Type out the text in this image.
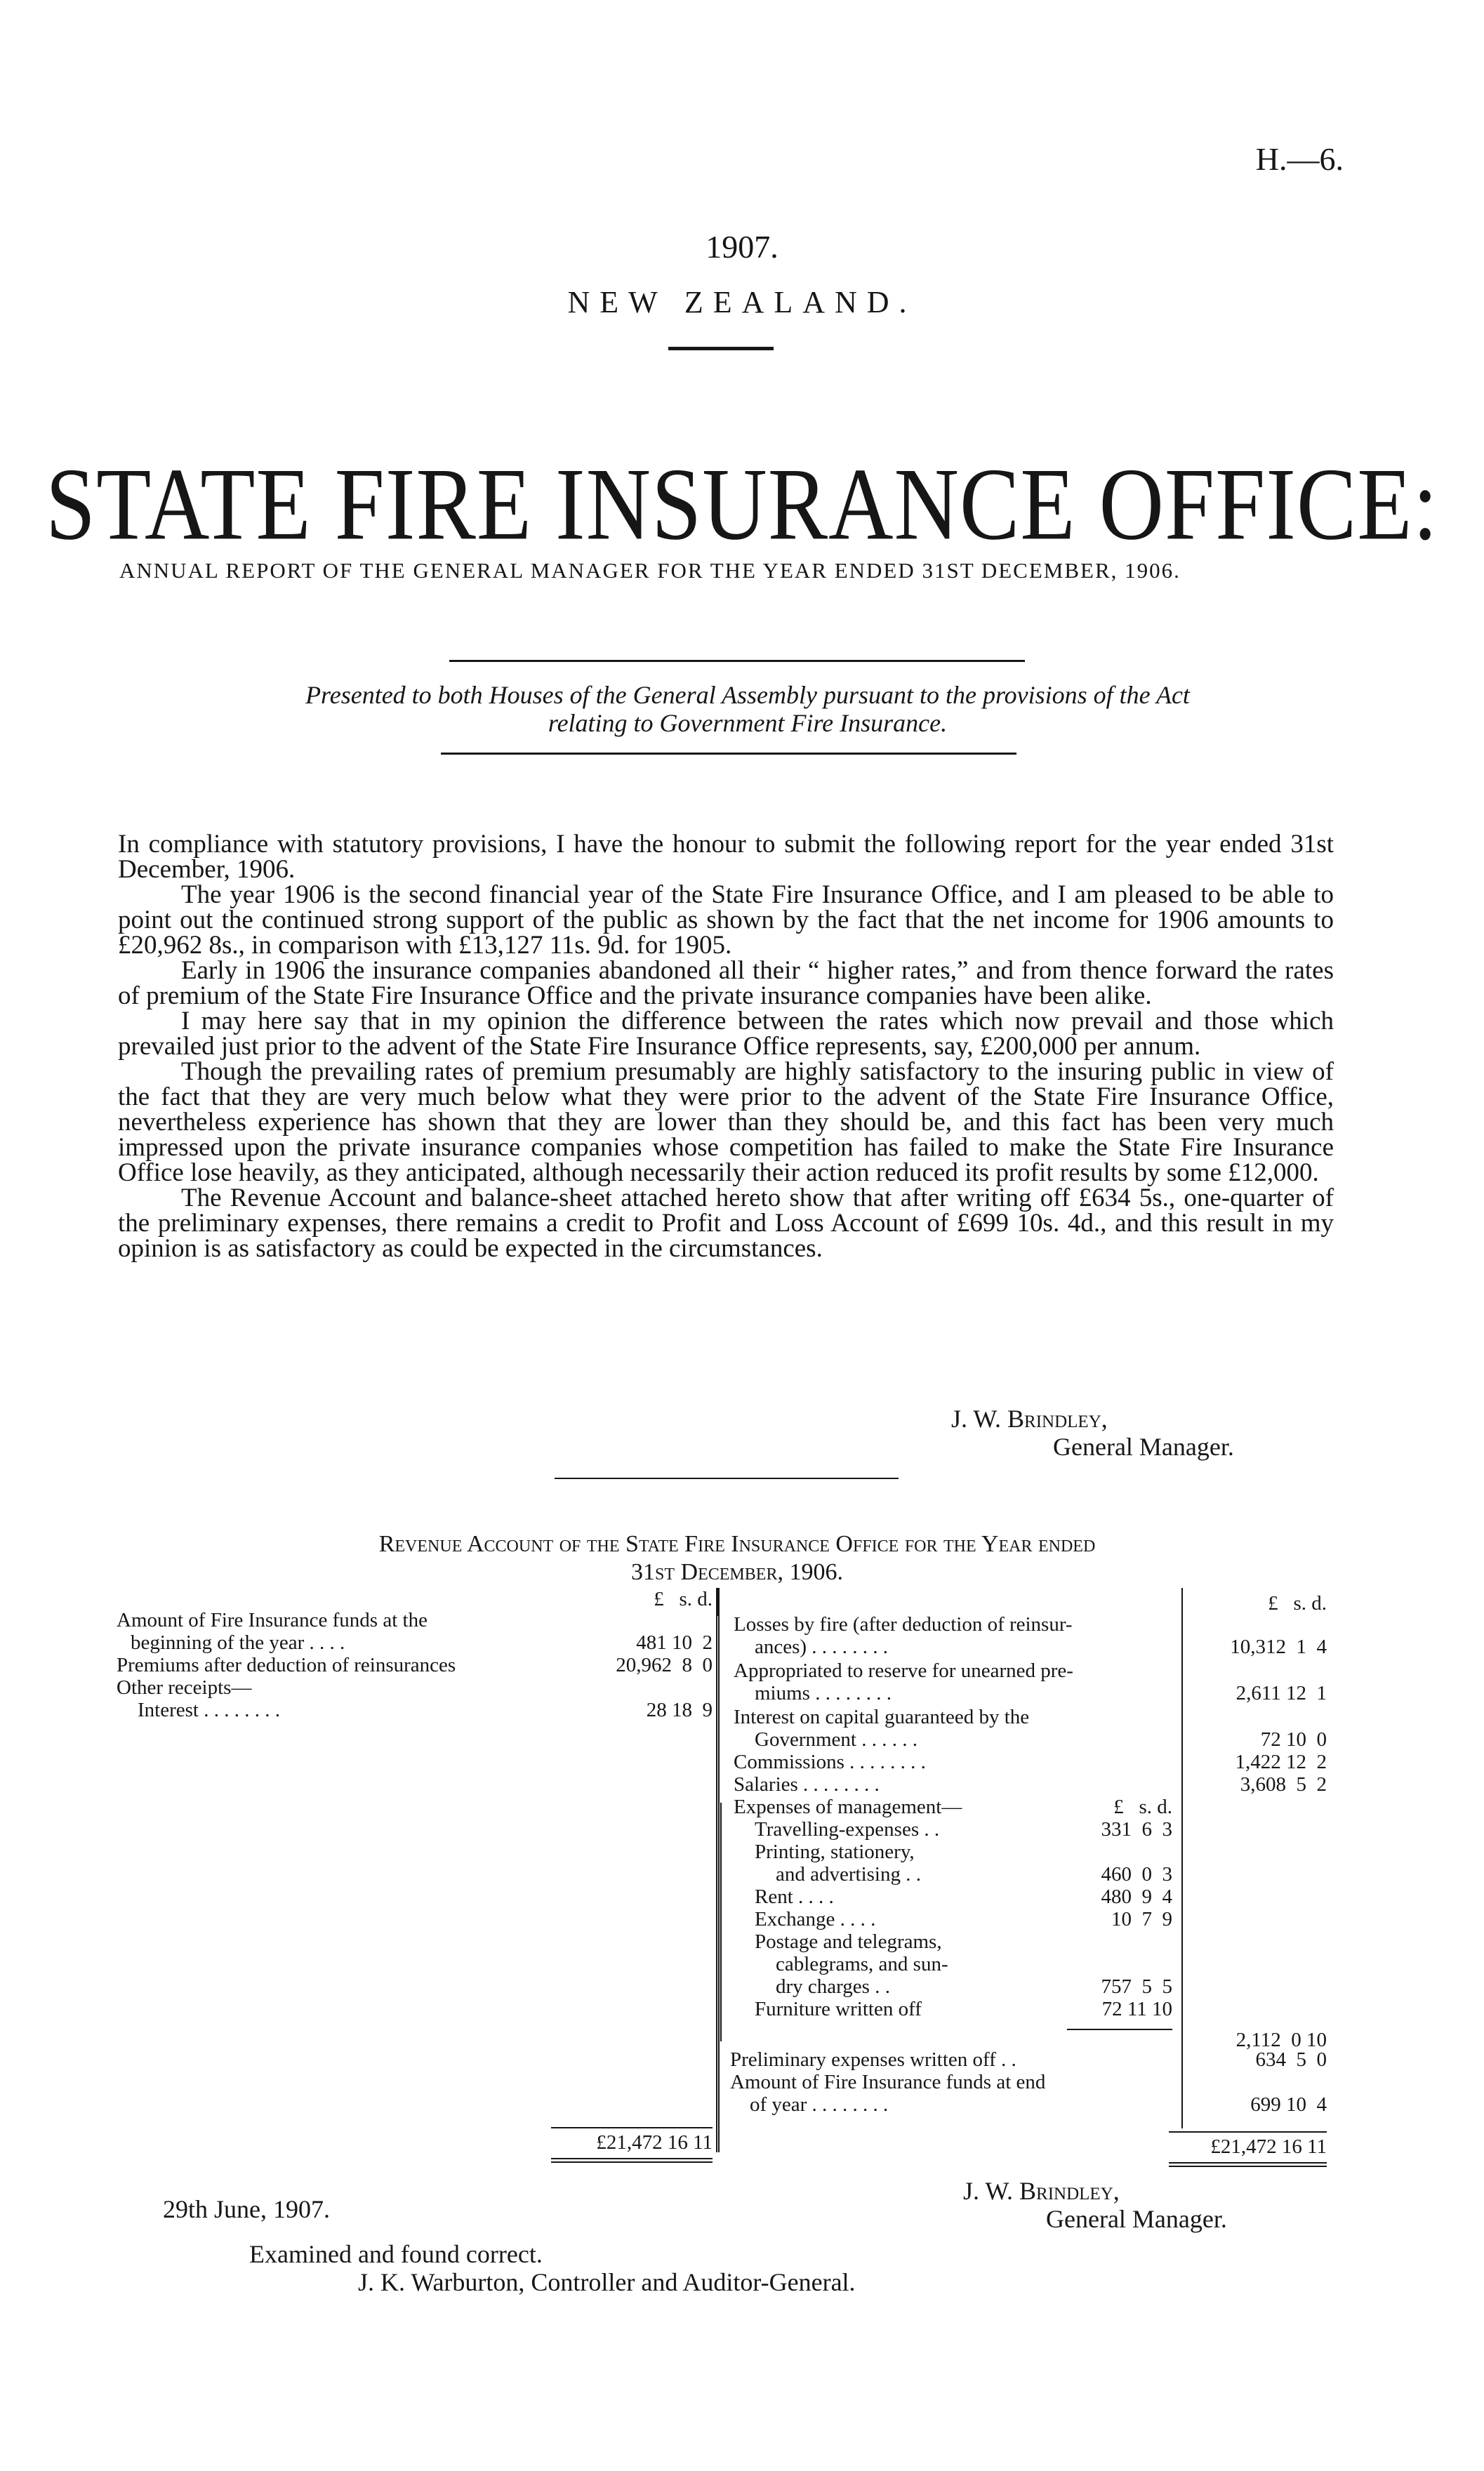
H.—6.
1907.
NEW ZEALAND.
STATE FIRE INSURANCE OFFICE:
ANNUAL REPORT OF THE GENERAL MANAGER FOR THE YEAR ENDED 31ST DECEMBER, 1906.
Presented to both Houses of the General Assembly pursuant to the provisions of the Act
relating to Government Fire Insurance.

In compliance with statutory provisions, I have the honour to submit the following report for the year ended 31st December, 1906.

The year 1906 is the second financial year of the State Fire Insurance Office, and I am pleased to be able to point out the continued strong support of the public as shown by the fact that the net income for 1906 amounts to £20,962 8s., in comparison with £13,127 11s. 9d. for 1905.

Early in 1906 the insurance companies abandoned all their “ higher rates,” and from thence forward the rates of premium of the State Fire Insurance Office and the private insurance companies have been alike.

I may here say that in my opinion the difference between the rates which now prevail and those which prevailed just prior to the advent of the State Fire Insurance Office represents, say, £200,000 per annum.

Though the prevailing rates of premium presumably are highly satisfactory to the insuring public in view of the fact that they are very much below what they were prior to the advent of the State Fire Insurance Office, nevertheless experience has shown that they are lower than they should be, and this fact has been very much impressed upon the private insurance companies whose competition has failed to make the State Fire Insurance Office lose heavily, as they anticipated, although necessarily their action reduced its profit results by some £12,000.

The Revenue Account and balance-sheet attached hereto show that after writing off £634 5s., one-quarter of the preliminary expenses, there remains a credit to Profit and Loss Account of £699 10s. 4d., and this result in my opinion is as satisfactory as could be expected in the circumstances.

J. W. Brindley,
General Manager.
Revenue Account of the State Fire Insurance Office for the Year ended
31st December, 1906.
£   s. d.	£   s. d.
Amount of Fire Insurance funds at the
beginning of the year . . . .	481 10  2
Premiums after deduction of reinsurances	20,962  8  0
Other receipts—
Interest . . . . . . . .	28 18  9
Losses by fire (after deduction of reinsur-
ances) . . . . . . . .	10,312  1  4
Appropriated to reserve for unearned pre-
miums . . . . . . . .	2,611 12  1
Interest on capital guaranteed by the
Government . . . . . .	72 10  0
Commissions . . . . . . . .	1,422 12  2
Salaries . . . . . . . .	3,608  5  2
Expenses of management—	£   s. d.
Travelling-expenses . .	331  6  3
Printing, stationery,
and advertising . .	460  0  3
Rent . . . .	480  9  4
Exchange . . . .	10  7  9
Postage and telegrams,
cablegrams, and sun-
dry charges . .	757  5  5
Furniture written off	72 11 10
2,112  0 10
Preliminary expenses written off . .	634  5  0
Amount of Fire Insurance funds at end
of year . . . . . . . .	699 10  4
£21,472 16 11	£21,472 16 11
J. W. Brindley,
General Manager.
29th June, 1907.
Examined and found correct.
J. K. Warburton, Controller and Auditor-General.
